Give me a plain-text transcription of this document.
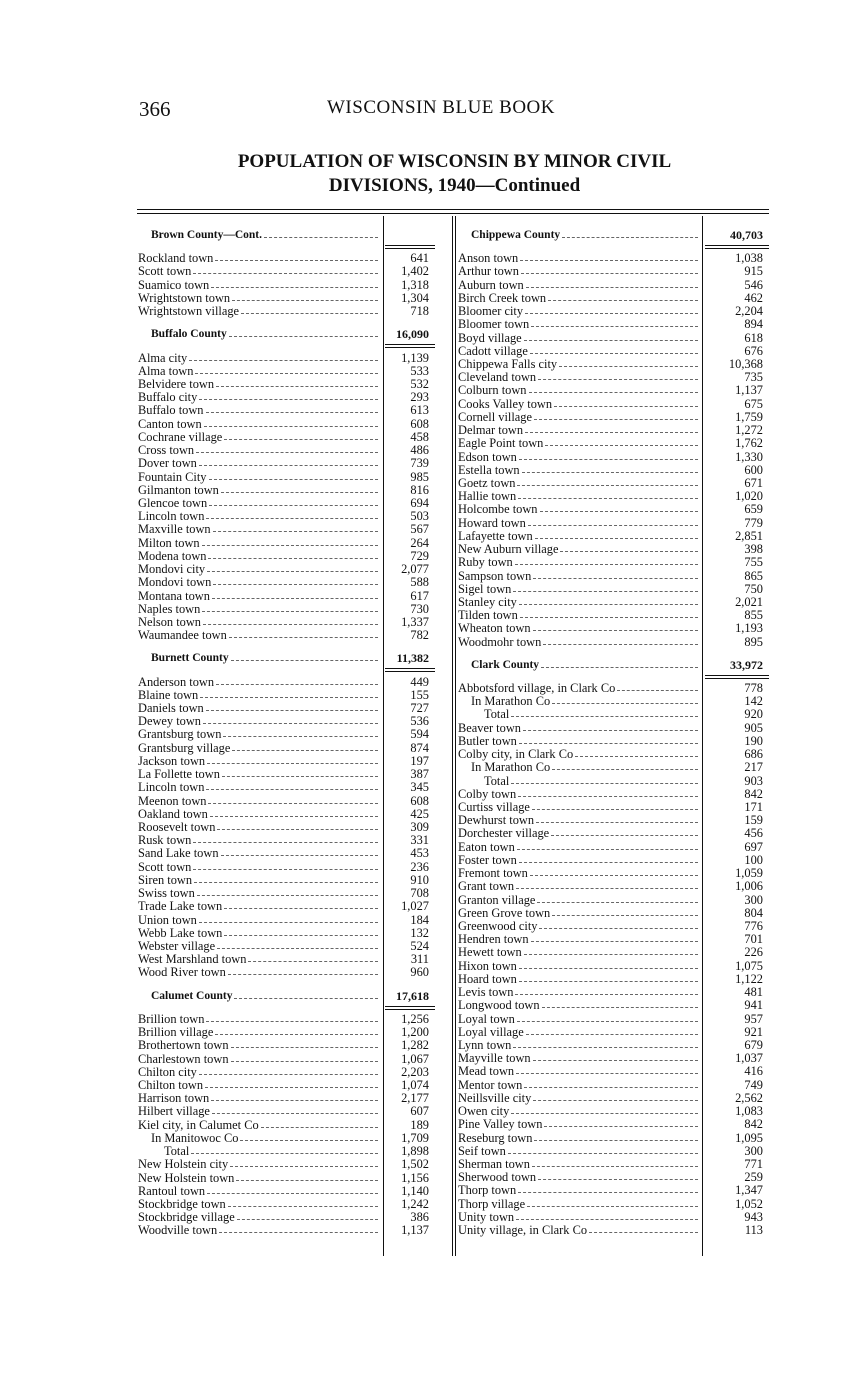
366	WISCONSIN BLUE BOOK
POPULATION OF WISCONSIN BY MINOR CIVIL
DIVISIONS, 1940—Continued
Brown County—Cont.
Rockland town	641
Scott town	1,402
Suamico town	1,318
Wrightstown town	1,304
Wrightstown village	718
Buffalo County	16,090
Alma city	1,139
Alma town	533
Belvidere town	532
Buffalo city	293
Buffalo town	613
Canton town	608
Cochrane village	458
Cross town	486
Dover town	739
Fountain City	985
Gilmanton town	816
Glencoe town	694
Lincoln town	503
Maxville town	567
Milton town	264
Modena town	729
Mondovi city	2,077
Mondovi town	588
Montana town	617
Naples town	730
Nelson town	1,337
Waumandee town	782
Burnett County	11,382
Anderson town	449
Blaine town	155
Daniels town	727
Dewey town	536
Grantsburg town	594
Grantsburg village	874
Jackson town	197
La Follette town	387
Lincoln town	345
Meenon town	608
Oakland town	425
Roosevelt town	309
Rusk town	331
Sand Lake town	453
Scott town	236
Siren town	910
Swiss town	708
Trade Lake town	1,027
Union town	184
Webb Lake town	132
Webster village	524
West Marshland town	311
Wood River town	960
Calumet County	17,618
Brillion town	1,256
Brillion village	1,200
Brothertown town	1,282
Charlestown town	1,067
Chilton city	2,203
Chilton town	1,074
Harrison town	2,177
Hilbert village	607
Kiel city, in Calumet Co	189
In Manitowoc Co	1,709
Total	1,898
New Holstein city	1,502
New Holstein town	1,156
Rantoul town	1,140
Stockbridge town	1,242
Stockbridge village	386
Woodville town	1,137
Chippewa County	40,703
Anson town	1,038
Arthur town	915
Auburn town	546
Birch Creek town	462
Bloomer city	2,204
Bloomer town	894
Boyd village	618
Cadott village	676
Chippewa Falls city	10,368
Cleveland town	735
Colburn town	1,137
Cooks Valley town	675
Cornell village	1,759
Delmar town	1,272
Eagle Point town	1,762
Edson town	1,330
Estella town	600
Goetz town	671
Hallie town	1,020
Holcombe town	659
Howard town	779
Lafayette town	2,851
New Auburn village	398
Ruby town	755
Sampson town	865
Sigel town	750
Stanley city	2,021
Tilden town	855
Wheaton town	1,193
Woodmohr town	895
Clark County	33,972
Abbotsford village, in Clark Co	778
In Marathon Co	142
Total	920
Beaver town	905
Butler town	190
Colby city, in Clark Co	686
In Marathon Co	217
Total	903
Colby town	842
Curtiss village	171
Dewhurst town	159
Dorchester village	456
Eaton town	697
Foster town	100
Fremont town	1,059
Grant town	1,006
Granton village	300
Green Grove town	804
Greenwood city	776
Hendren town	701
Hewett town	226
Hixon town	1,075
Hoard town	1,122
Levis town	481
Longwood town	941
Loyal town	957
Loyal village	921
Lynn town	679
Mayville town	1,037
Mead town	416
Mentor town	749
Neillsville city	2,562
Owen city	1,083
Pine Valley town	842
Reseburg town	1,095
Seif town	300
Sherman town	771
Sherwood town	259
Thorp town	1,347
Thorp village	1,052
Unity town	943
Unity village, in Clark Co	113
